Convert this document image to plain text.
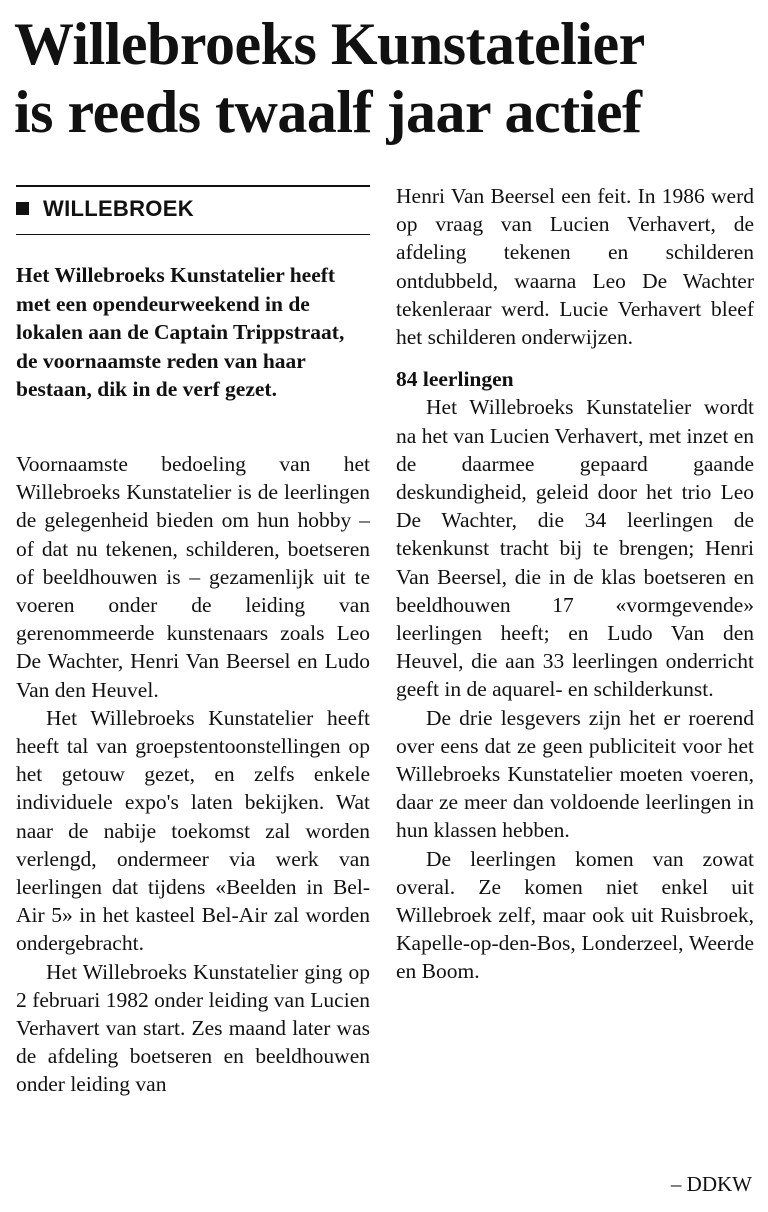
Willebroeks Kunstatelier
is reeds twaalf jaar actief
WILLEBROEK

Het Willebroeks Kunstatelier heeft met een opendeurweekend in de lokalen aan de Captain Trippstraat, de voornaamste reden van haar bestaan, dik in de verf gezet.

Voornaamste bedoeling van het Willebroeks Kunstatelier is de leerlingen de gelegenheid bieden om hun hobby – of dat nu tekenen, schilderen, boetseren of beeldhouwen is – gezamenlijk uit te voeren onder de leiding van gerenommeerde kunstenaars zoals Leo De Wachter, Henri Van Beersel en Ludo Van den Heuvel.

Het Willebroeks Kunstatelier heeft heeft tal van groepstentoonstellingen op het getouw gezet, en zelfs enkele individuele expo's laten bekijken. Wat naar de nabije toekomst zal worden verlengd, ondermeer via werk van leerlingen dat tijdens «Beelden in Bel-Air 5» in het kasteel Bel-Air zal worden ondergebracht.

Het Willebroeks Kunstatelier ging op 2 februari 1982 onder leiding van Lucien Verhavert van start. Zes maand later was de afdeling boetseren en beeldhouwen onder leiding van

Henri Van Beersel een feit. In 1986 werd op vraag van Lucien Verhavert, de afdeling tekenen en schilderen ontdubbeld, waarna Leo De Wachter tekenleraar werd. Lucie Verhavert bleef het schilderen onderwijzen.

84 leerlingen

Het Willebroeks Kunstatelier wordt na het van Lucien Verhavert, met inzet en de daarmee gepaard gaande deskundigheid, geleid door het trio Leo De Wachter, die 34 leerlingen de tekenkunst tracht bij te brengen; Henri Van Beersel, die in de klas boetseren en beeldhouwen 17 «vormgevende» leerlingen heeft; en Ludo Van den Heuvel, die aan 33 leerlingen onderricht geeft in de aquarel- en schilderkunst.

De drie lesgevers zijn het er roerend over eens dat ze geen publiciteit voor het Willebroeks Kunstatelier moeten voeren, daar ze meer dan voldoende leerlingen in hun klassen hebben.

De leerlingen komen van zowat overal. Ze komen niet enkel uit Willebroek zelf, maar ook uit Ruisbroek, Kapelle-op-den-Bos, Londerzeel, Weerde en Boom.

– DDKW
